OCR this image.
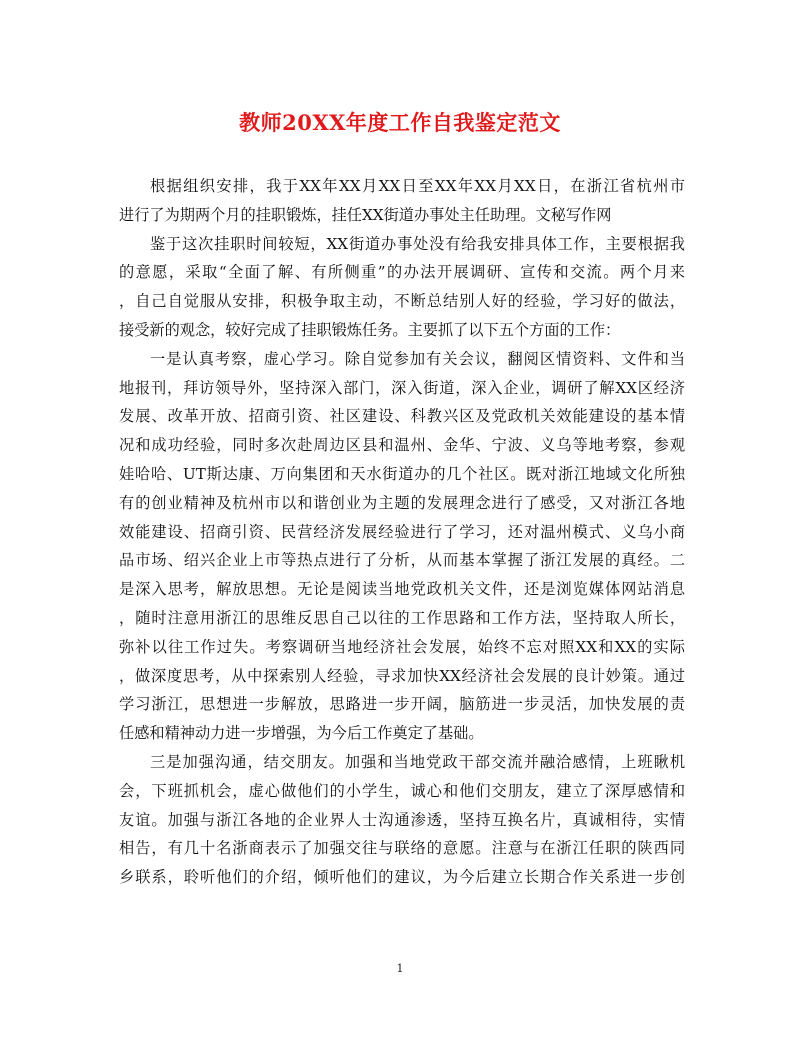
教师20XX年度工作自我鉴定范文

根据组织安排，我于XX年XX月XX日至XX年XX月XX日，在浙江省杭州市
进行了为期两个月的挂职锻炼，挂任XX街道办事处主任助理。文秘写作网

鉴于这次挂职时间较短，XX街道办事处没有给我安排具体工作，主要根据我
的意愿，采取“全面了解、有所侧重”的办法开展调研、宣传和交流。两个月来
，自己自觉服从安排，积极争取主动，不断总结别人好的经验，学习好的做法，
接受新的观念，较好完成了挂职锻炼任务。主要抓了以下五个方面的工作：

一是认真考察，虚心学习。除自觉参加有关会议，翻阅区情资料、文件和当
地报刊，拜访领导外，坚持深入部门，深入街道，深入企业，调研了解XX区经济
发展、改革开放、招商引资、社区建设、科教兴区及党政机关效能建设的基本情
况和成功经验，同时多次赴周边区县和温州、金华、宁波、义乌等地考察，参观
娃哈哈、UT斯达康、万向集团和天水街道办的几个社区。既对浙江地域文化所独
有的创业精神及杭州市以和谐创业为主题的发展理念进行了感受，又对浙江各地
效能建设、招商引资、民营经济发展经验进行了学习，还对温州模式、义乌小商
品市场、绍兴企业上市等热点进行了分析，从而基本掌握了浙江发展的真经。二
是深入思考，解放思想。无论是阅读当地党政机关文件，还是浏览媒体网站消息
，随时注意用浙江的思维反思自己以往的工作思路和工作方法，坚持取人所长，
弥补以往工作过失。考察调研当地经济社会发展，始终不忘对照XX和XX的实际
，做深度思考，从中探索别人经验，寻求加快XX经济社会发展的良计妙策。通过
学习浙江，思想进一步解放，思路进一步开阔，脑筋进一步灵活，加快发展的责
任感和精神动力进一步增强，为今后工作奠定了基础。

三是加强沟通，结交朋友。加强和当地党政干部交流并融洽感情，上班瞅机
会，下班抓机会，虚心做他们的小学生，诚心和他们交朋友，建立了深厚感情和
友谊。加强与浙江各地的企业界人士沟通渗透，坚持互换名片，真诚相待，实情
相告，有几十名浙商表示了加强交往与联络的意愿。注意与在浙江任职的陕西同
乡联系，聆听他们的介绍，倾听他们的建议，为今后建立长期合作关系进一步创

1
